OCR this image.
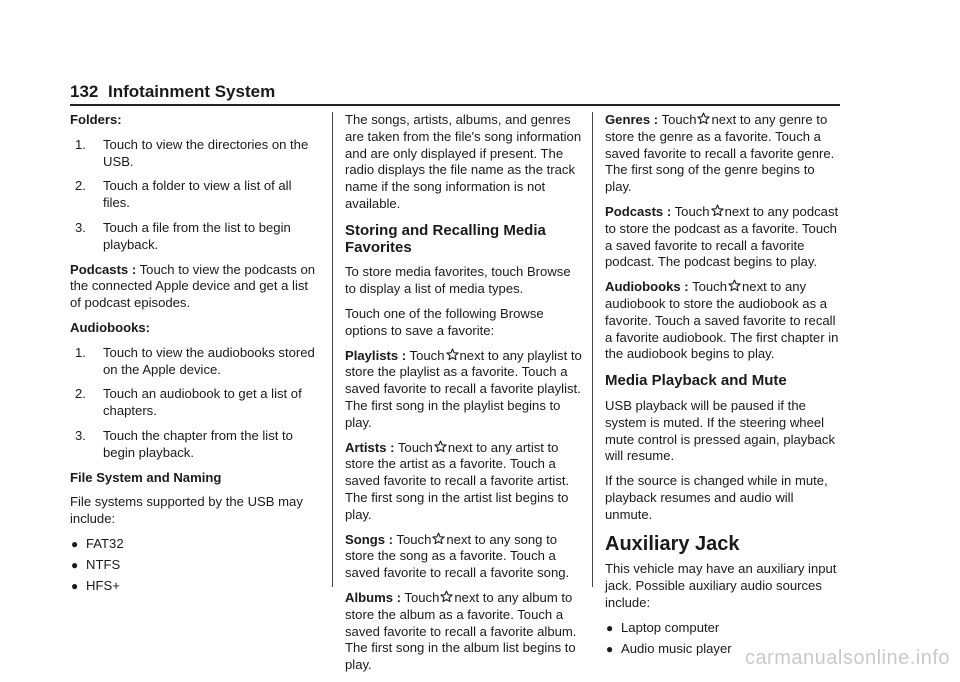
132 Infotainment System

Folders:

1. Touch to view the directories on the USB.
2. Touch a folder to view a list of all files.
3. Touch a file from the list to begin playback.

Podcasts : Touch to view the podcasts on the connected Apple device and get a list of podcast episodes.

Audiobooks:

1. Touch to view the audiobooks stored on the Apple device.
2. Touch an audiobook to get a list of chapters.
3. Touch the chapter from the list to begin playback.

File System and Naming

File systems supported by the USB may include:

● FAT32
● NTFS
● HFS+

The songs, artists, albums, and genres are taken from the file's song information and are only displayed if present. The radio displays the file name as the track name if the song information is not available.

Storing and Recalling Media Favorites

To store media favorites, touch Browse to display a list of media types.

Touch one of the following Browse options to save a favorite:

Playlists : Touch next to any playlist to store the playlist as a favorite. Touch a saved favorite to recall a favorite playlist. The first song in the playlist begins to play.

Artists : Touch next to any artist to store the artist as a favorite. Touch a saved favorite to recall a favorite artist. The first song in the artist list begins to play.

Songs : Touch next to any song to store the song as a favorite. Touch a saved favorite to recall a favorite song.

Albums : Touch next to any album to store the album as a favorite. Touch a saved favorite to recall a favorite album. The first song in the album list begins to play.

Genres : Touch next to any genre to store the genre as a favorite. Touch a saved favorite to recall a favorite genre. The first song of the genre begins to play.

Podcasts : Touch next to any podcast to store the podcast as a favorite. Touch a saved favorite to recall a favorite podcast. The podcast begins to play.

Audiobooks : Touch next to any audiobook to store the audiobook as a favorite. Touch a saved favorite to recall a favorite audiobook. The first chapter in the audiobook begins to play.

Media Playback and Mute

USB playback will be paused if the system is muted. If the steering wheel mute control is pressed again, playback will resume.

If the source is changed while in mute, playback resumes and audio will unmute.

Auxiliary Jack

This vehicle may have an auxiliary input jack. Possible auxiliary audio sources include:

● Laptop computer
● Audio music player carmanualsonline.info
